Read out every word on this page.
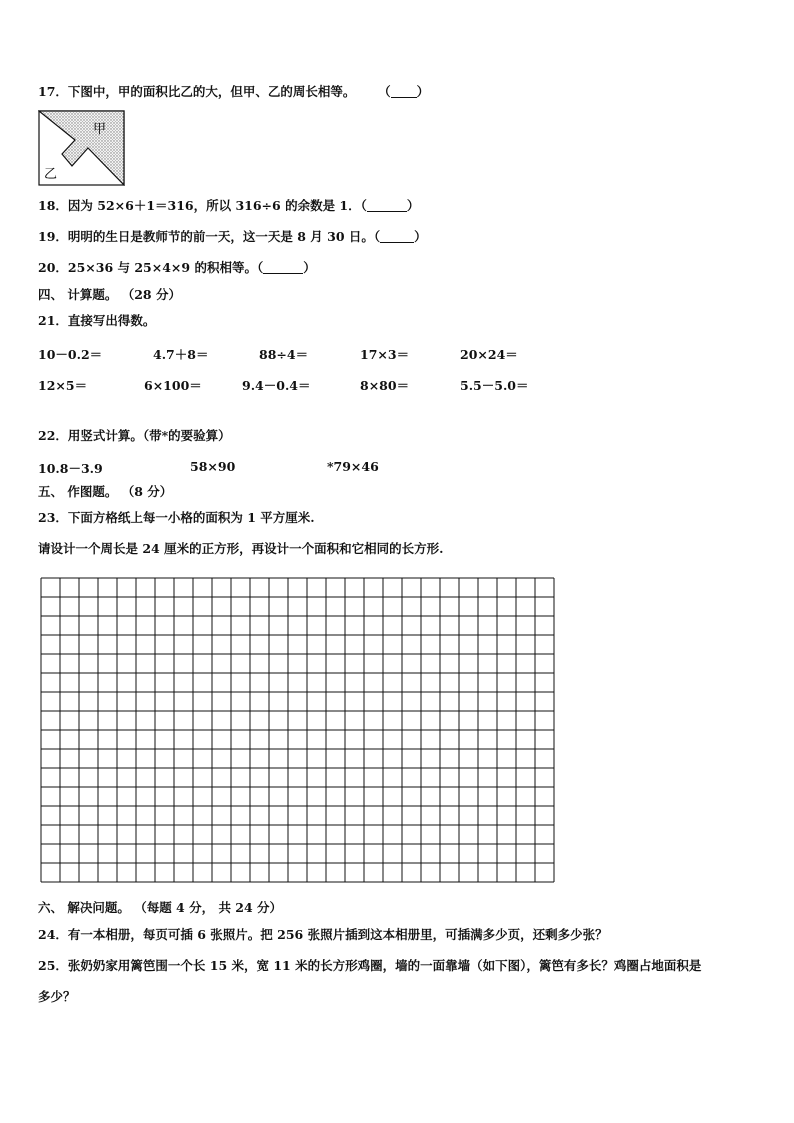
17．下图中，甲的面积比乙的大，但甲、乙的周长相等。 （ ）
甲
乙
18．因为 52×6＋1＝316，所以 316÷6 的余数是 1．（	）
19．明明的生日是教师节的前一天，这一天是 8 月 30 日。（	）
20．25×36 与 25×4×9 的积相等。（	）
四、 计算题。 （28 分）
21．直接写出得数。
10－0.2＝	4.7＋8＝	88÷4＝	17×3＝	20×24＝
12×5＝	6×100＝	9.4－0.4＝	8×80＝	5.5－5.0＝
22．用竖式计算。（带*的要验算）
10.8－3.9	58×90	*79×46
五、 作图题。 （8 分）
23．下面方格纸上每一小格的面积为 1 平方厘米.
请设计一个周长是 24 厘米的正方形，再设计一个面积和它相同的长方形.
六、 解决问题。 （每题 4 分， 共 24 分）
24．有一本相册，每页可插 6 张照片。把 256 张照片插到这本相册里，可插满多少页，还剩多少张？
25．张奶奶家用篱笆围一个长 15 米，宽 11 米的长方形鸡圈，墙的一面靠墙（如下图），篱笆有多长？鸡圈占地面积是
多少？
